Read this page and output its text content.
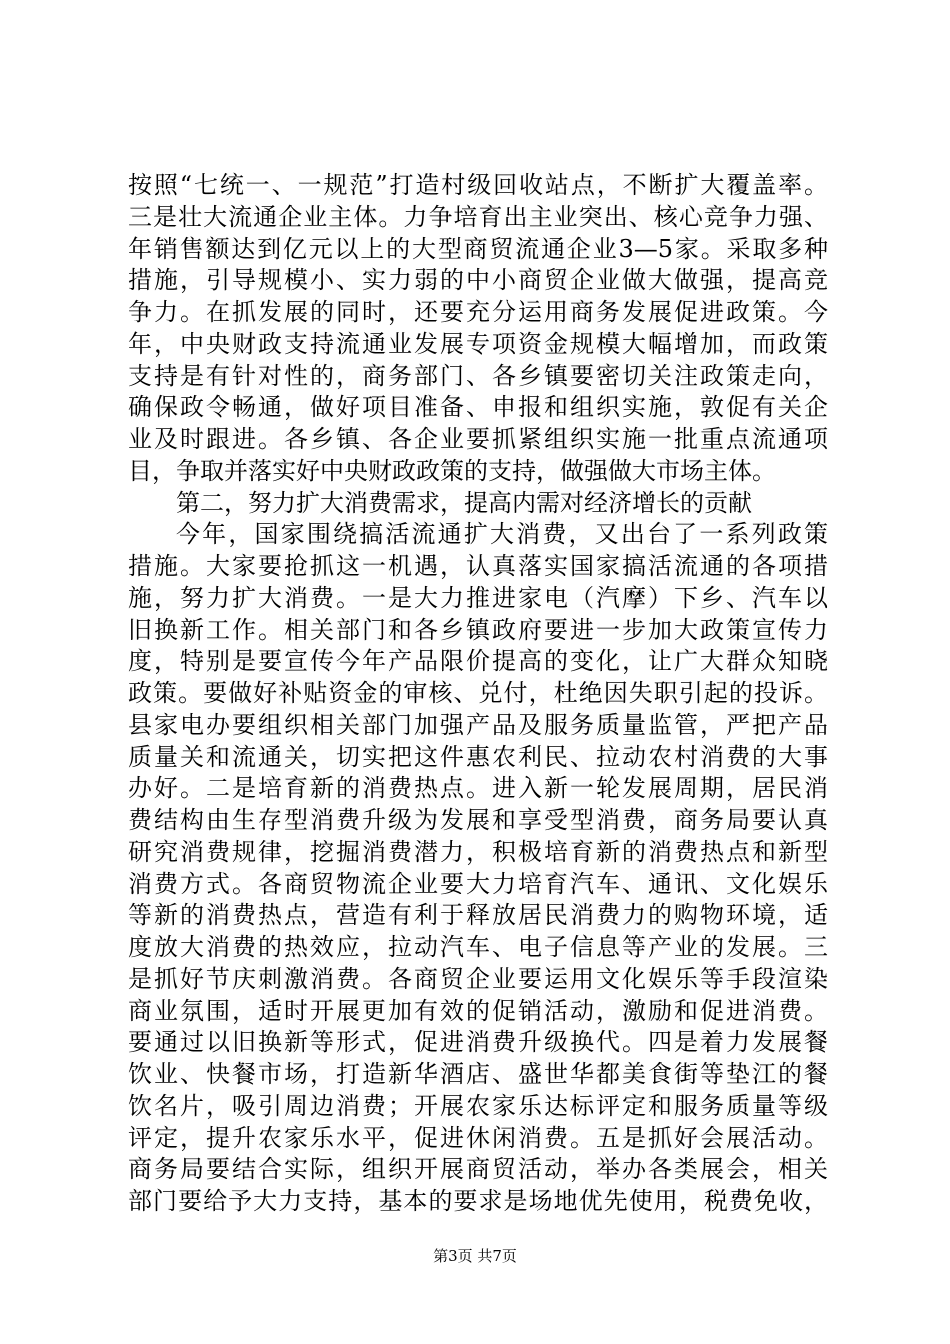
按照“七统一、一规范”打造村级回收站点，不断扩大覆盖率。
三是壮大流通企业主体。力争培育出主业突出、核心竞争力强、
年销售额达到亿元以上的大型商贸流通企业3—5家。采取多种
措施，引导规模小、实力弱的中小商贸企业做大做强，提高竞
争力。在抓发展的同时，还要充分运用商务发展促进政策。今
年，中央财政支持流通业发展专项资金规模大幅增加，而政策
支持是有针对性的，商务部门、各乡镇要密切关注政策走向，
确保政令畅通，做好项目准备、申报和组织实施，敦促有关企
业及时跟进。各乡镇、各企业要抓紧组织实施一批重点流通项
目，争取并落实好中央财政政策的支持，做强做大市场主体。
第二，努力扩大消费需求，提高内需对经济增长的贡献
今年，国家围绕搞活流通扩大消费，又出台了一系列政策
措施。大家要抢抓这一机遇，认真落实国家搞活流通的各项措
施，努力扩大消费。一是大力推进家电（汽摩）下乡、汽车以
旧换新工作。相关部门和各乡镇政府要进一步加大政策宣传力
度，特别是要宣传今年产品限价提高的变化，让广大群众知晓
政策。要做好补贴资金的审核、兑付，杜绝因失职引起的投诉。
县家电办要组织相关部门加强产品及服务质量监管，严把产品
质量关和流通关，切实把这件惠农利民、拉动农村消费的大事
办好。二是培育新的消费热点。进入新一轮发展周期，居民消
费结构由生存型消费升级为发展和享受型消费，商务局要认真
研究消费规律，挖掘消费潜力，积极培育新的消费热点和新型
消费方式。各商贸物流企业要大力培育汽车、通讯、文化娱乐
等新的消费热点，营造有利于释放居民消费力的购物环境，适
度放大消费的热效应，拉动汽车、电子信息等产业的发展。三
是抓好节庆刺激消费。各商贸企业要运用文化娱乐等手段渲染
商业氛围，适时开展更加有效的促销活动，激励和促进消费。
要通过以旧换新等形式，促进消费升级换代。四是着力发展餐
饮业、快餐市场，打造新华酒店、盛世华都美食街等垫江的餐
饮名片，吸引周边消费；开展农家乐达标评定和服务质量等级
评定，提升农家乐水平，促进休闲消费。五是抓好会展活动。
商务局要结合实际，组织开展商贸活动，举办各类展会，相关
部门要给予大力支持，基本的要求是场地优先使用，税费免收，
第3页 共7页
